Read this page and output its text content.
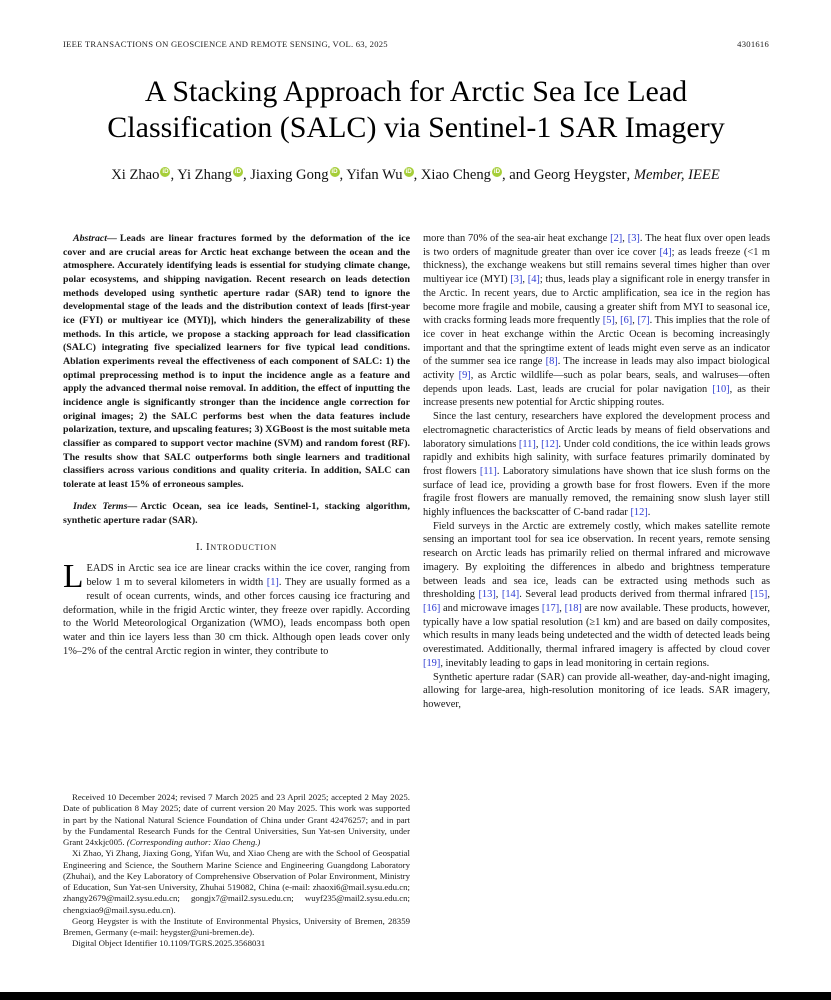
IEEE TRANSACTIONS ON GEOSCIENCE AND REMOTE SENSING, VOL. 63, 2025	4301616
A Stacking Approach for Arctic Sea Ice Lead Classification (SALC) via Sentinel-1 SAR Imagery
Xi Zhao iD , Yi Zhang iD , Jiaxing Gong iD , Yifan Wu iD , Xiao Cheng iD , and Georg Heygster, Member, IEEE

Abstract— Leads are linear fractures formed by the deformation of the ice cover and are crucial areas for Arctic heat exchange between the ocean and the atmosphere. Accurately identifying leads is essential for studying climate change, polar ecosystems, and shipping navigation. Recent research on leads detection methods developed using synthetic aperture radar (SAR) tend to ignore the developmental stage of the leads and the distribution context of leads [first-year ice (FYI) or multiyear ice (MYI)], which hinders the generalizability of these methods. In this article, we propose a stacking approach for lead classification (SALC) integrating five specialized learners for five typical lead conditions. Ablation experiments reveal the effectiveness of each component of SALC: 1) the optimal preprocessing method is to input the incidence angle as a feature and apply the advanced thermal noise removal. In addition, the effect of inputting the incidence angle is significantly stronger than the incidence angle correction for original images; 2) the SALC performs best when the data features include polarization, texture, and upscaling features; 3) XGBoost is the most suitable meta classifier as compared to support vector machine (SVM) and random forest (RF). The results show that SALC outperforms both single learners and traditional classifiers across various conditions and quality criteria. In addition, SALC can tolerate at least 15% of erroneous samples.

Index Terms— Arctic Ocean, sea ice leads, Sentinel-1, stacking algorithm, synthetic aperture radar (SAR).

I. Introduction

LEADS in Arctic sea ice are linear cracks within the ice cover, ranging from below 1 m to several kilometers in width [1]. They are usually formed as a result of ocean currents, winds, and other forces causing ice fracturing and deformation, while in the frigid Arctic winter, they freeze over rapidly. According to the World Meteorological Organization (WMO), leads encompass both open water and thin ice layers less than 30 cm thick. Although open leads cover only 1%–2% of the central Arctic region in winter, they contribute to

Received 10 December 2024; revised 7 March 2025 and 23 April 2025; accepted 2 May 2025. Date of publication 8 May 2025; date of current version 20 May 2025. This work was supported in part by the National Natural Science Foundation of China under Grant 42476257; and in part by the Fundamental Research Funds for the Central Universities, Sun Yat-sen University, under Grant 24xkjc005. (Corresponding author: Xiao Cheng.)

Xi Zhao, Yi Zhang, Jiaxing Gong, Yifan Wu, and Xiao Cheng are with the School of Geospatial Engineering and Science, the Southern Marine Science and Engineering Guangdong Laboratory (Zhuhai), and the Key Laboratory of Comprehensive Observation of Polar Environment, Ministry of Education, Sun Yat-sen University, Zhuhai 519082, China (e-mail: zhaoxi6@mail.sysu.edu.cn; zhangy2679@mail2.sysu.edu.cn; gongjx7@mail2.sysu.edu.cn; wuyf235@mail2.sysu.edu.cn; chengxiao9@mail.sysu.edu.cn).

Georg Heygster is with the Institute of Environmental Physics, University of Bremen, 28359 Bremen, Germany (e-mail: heygster@uni-bremen.de).

Digital Object Identifier 10.1109/TGRS.2025.3568031

more than 70% of the sea-air heat exchange [2], [3]. The heat flux over open leads is two orders of magnitude greater than over ice cover [4]; as leads freeze (<1 m thickness), the exchange weakens but still remains several times higher than over multiyear ice (MYI) [3], [4]; thus, leads play a significant role in energy transfer in the Arctic. In recent years, due to Arctic amplification, sea ice in the region has become more fragile and mobile, causing a greater shift from MYI to seasonal ice, with cracks forming leads more frequently [5], [6], [7]. This implies that the role of ice cover in heat exchange within the Arctic Ocean is becoming increasingly important and that the springtime extent of leads might even serve as an indicator of the summer sea ice range [8]. The increase in leads may also impact biological activity [9], as Arctic wildlife—such as polar bears, seals, and walruses—often depends upon leads. Last, leads are crucial for polar navigation [10], as their increase presents new potential for Arctic shipping routes.

Since the last century, researchers have explored the development process and electromagnetic characteristics of Arctic leads by means of field observations and laboratory simulations [11], [12]. Under cold conditions, the ice within leads grows rapidly and exhibits high salinity, with surface features primarily dominated by frost flowers [11]. Laboratory simulations have shown that ice slush forms on the surface of lead ice, providing a growth base for frost flowers. Even if the more fragile frost flowers are manually removed, the remaining snow slush layer still highly influences the backscatter of C-band radar [12].

Field surveys in the Arctic are extremely costly, which makes satellite remote sensing an important tool for sea ice observation. In recent years, remote sensing research on Arctic leads has primarily relied on thermal infrared and microwave imagery. By exploiting the differences in albedo and brightness temperature between leads and sea ice, leads can be extracted using methods such as thresholding [13], [14]. Several lead products derived from thermal infrared [15], [16] and microwave images [17], [18] are now available. These products, however, typically have a low spatial resolution (≥1 km) and are based on daily composites, which results in many leads being undetected and the width of detected leads being overestimated. Additionally, thermal infrared imagery is affected by cloud cover [19], inevitably leading to gaps in lead monitoring in certain regions.

Synthetic aperture radar (SAR) can provide all-weather, day-and-night imaging, allowing for large-area, high-resolution monitoring of ice leads. SAR imagery, however,
